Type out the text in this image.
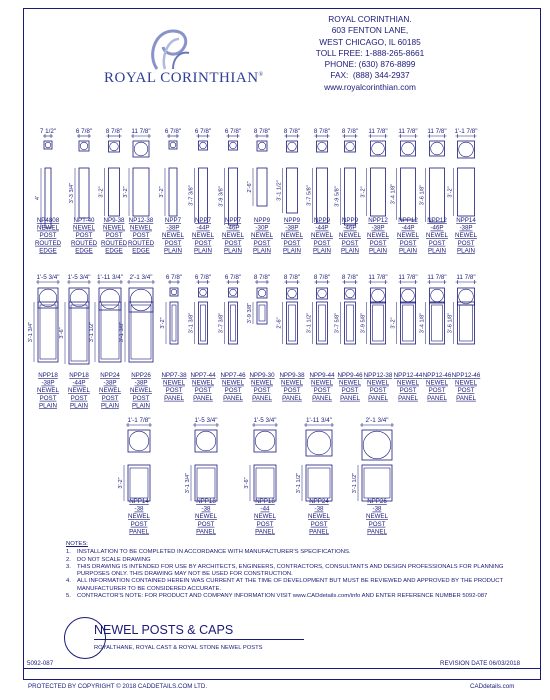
ROYAL CORINTHIAN®
ROYAL CORINTHIAN.
603 FENTON LANE,
WEST CHICAGO, IL 60185
TOLL FREE: 1-888-265-8661
PHONE: (630) 876-8899
FAX:  (888) 344-2937
www.royalcorinthian.com
7 1/2"
4'
NP4808 NEWEL POST ROUTED EDGE
6 7/8"
3'-3 3/4"
NPT-40 NEWEL POST ROUTED EDGE
8 7/8"
3'-2"
NP9-38 NEWEL POST ROUTED EDGE
11 7/8"
3'-2"
NP12-38 NEWEL POST ROUTED EDGE
6 7/8"
3'-2"
NPP7 -38P NEWEL POST PLAIN
6 7/8"
3'-7 3/8"
NPP7 -44P NEWEL POST PLAIN
6 7/8"
3'-9 3/8"
NPP7 -46P NEWEL POST PLAIN
8 7/8"
2'-6"
NPP9 -30P NEWEL POST PLAIN
8 7/8"
3'-1 1/2"
NPP9 -38P NEWEL POST PLAIN
8 7/8"
3'-7 5/8"
NPP9 -44P NEWEL POST PLAIN
8 7/8"
3'-9 5/8"
NPP9 -46P NEWEL POST PLAIN
11 7/8"
3'-2"
NPP12 -38P NEWEL POST PLAIN
11 7/8"
3'-4 1/8"
NPP12 -44P NEWEL POST PLAIN
11 7/8"
3'-6 1/8"
NPP12 -46P NEWEL POST PLAIN
1'-1 7/8"
3'-2"
NPP14 -38P NEWEL POST PLAIN
1'-5 3/4"
3'-1 3/4"
NPP18 -38P NEWEL POST PLAIN
1'-5 3/4"
3'-6"
NPP18 -44P NEWEL POST PLAIN
1'-11 3/4"
3'-1 1/2"
NPP24 -38P NEWEL POST PLAIN
2'-1 3/4"
3'-1 3/8"
NPP26 -38P NEWEL POST PLAIN
6 7/8"
3'-2"
NPP7-38 NEWEL POST PANEL
6 7/8"
3'-1 3/8"
NPP7-44 NEWEL POST PANEL
6 7/8"
3'-7 3/8"
NPP7-46 NEWEL POST PANEL
8 7/8"
3'-9 3/8"
NPP9-30 NEWEL POST PANEL
8 7/8"
2'-6"
NPP9-38 NEWEL POST PANEL
8 7/8"
3'-1 1/2"
NPP9-44 NEWEL POST PANEL
8 7/8"
3'-7 5/8"
NPP9-46 NEWEL POST PANEL
11 7/8"
3'-9 5/8"
NPP12-38 NEWEL POST PANEL
11 7/8"
3'-2"
NPP12-44 NEWEL POST PANEL
11 7/8"
3'-4 1/8"
NPP12-46 NEWEL POST PANEL
11 7/8"
3'-6 1/8"
NPP12-46 NEWEL POST PANEL
1'-1 7/8"
3'-2"
NPP14 -38 NEWEL POST PANEL
1'-5 3/4"
3'-1 3/4"
NPP18 -38 NEWEL POST PANEL
1'-5 3/4"
3'-6"
NPP18 -44 NEWEL POST PANEL
1'-11 3/4"
3'-1 1/2"
NPP24 -38 NEWEL POST PANEL
2'-1 3/4"
3'-1 1/2"
NPP26 -38 NEWEL POST PANEL
NOTES:
1.	INSTALLATION TO BE COMPLETED IN ACCORDANCE WITH MANUFACTURER'S SPECIFICATIONS.
2.	DO NOT SCALE DRAWING
3.	THIS DRAWING IS INTENDED FOR USE BY ARCHITECTS, ENGINEERS, CONTRACTORS, CONSULTANTS AND DESIGN PROFESSIONALS FOR PLANNING PURPOSES ONLY. THIS DRAWING MAY NOT BE USED FOR CONSTRUCTION.
4.	ALL INFORMATION CONTAINED HEREIN WAS CURRENT AT THE TIME OF DEVELOPMENT BUT MUST BE REVIEWED AND APPROVED BY THE PRODUCT MANUFACTURER TO BE CONSIDERED ACCURATE.
5.	CONTRACTOR'S NOTE: FOR PRODUCT AND COMPANY INFORMATION VISIT www.CADdetails.com/info AND ENTER REFERENCE NUMBER 5092-087
NEWEL POSTS & CAPS
ROYALTHANE, ROYAL CAST & ROYAL STONE NEWEL POSTS
5092-087	REVISION DATE 06/03/2018
PROTECTED BY COPYRIGHT © 2018 CADDETAILS.COM LTD.	CADdetails.com
